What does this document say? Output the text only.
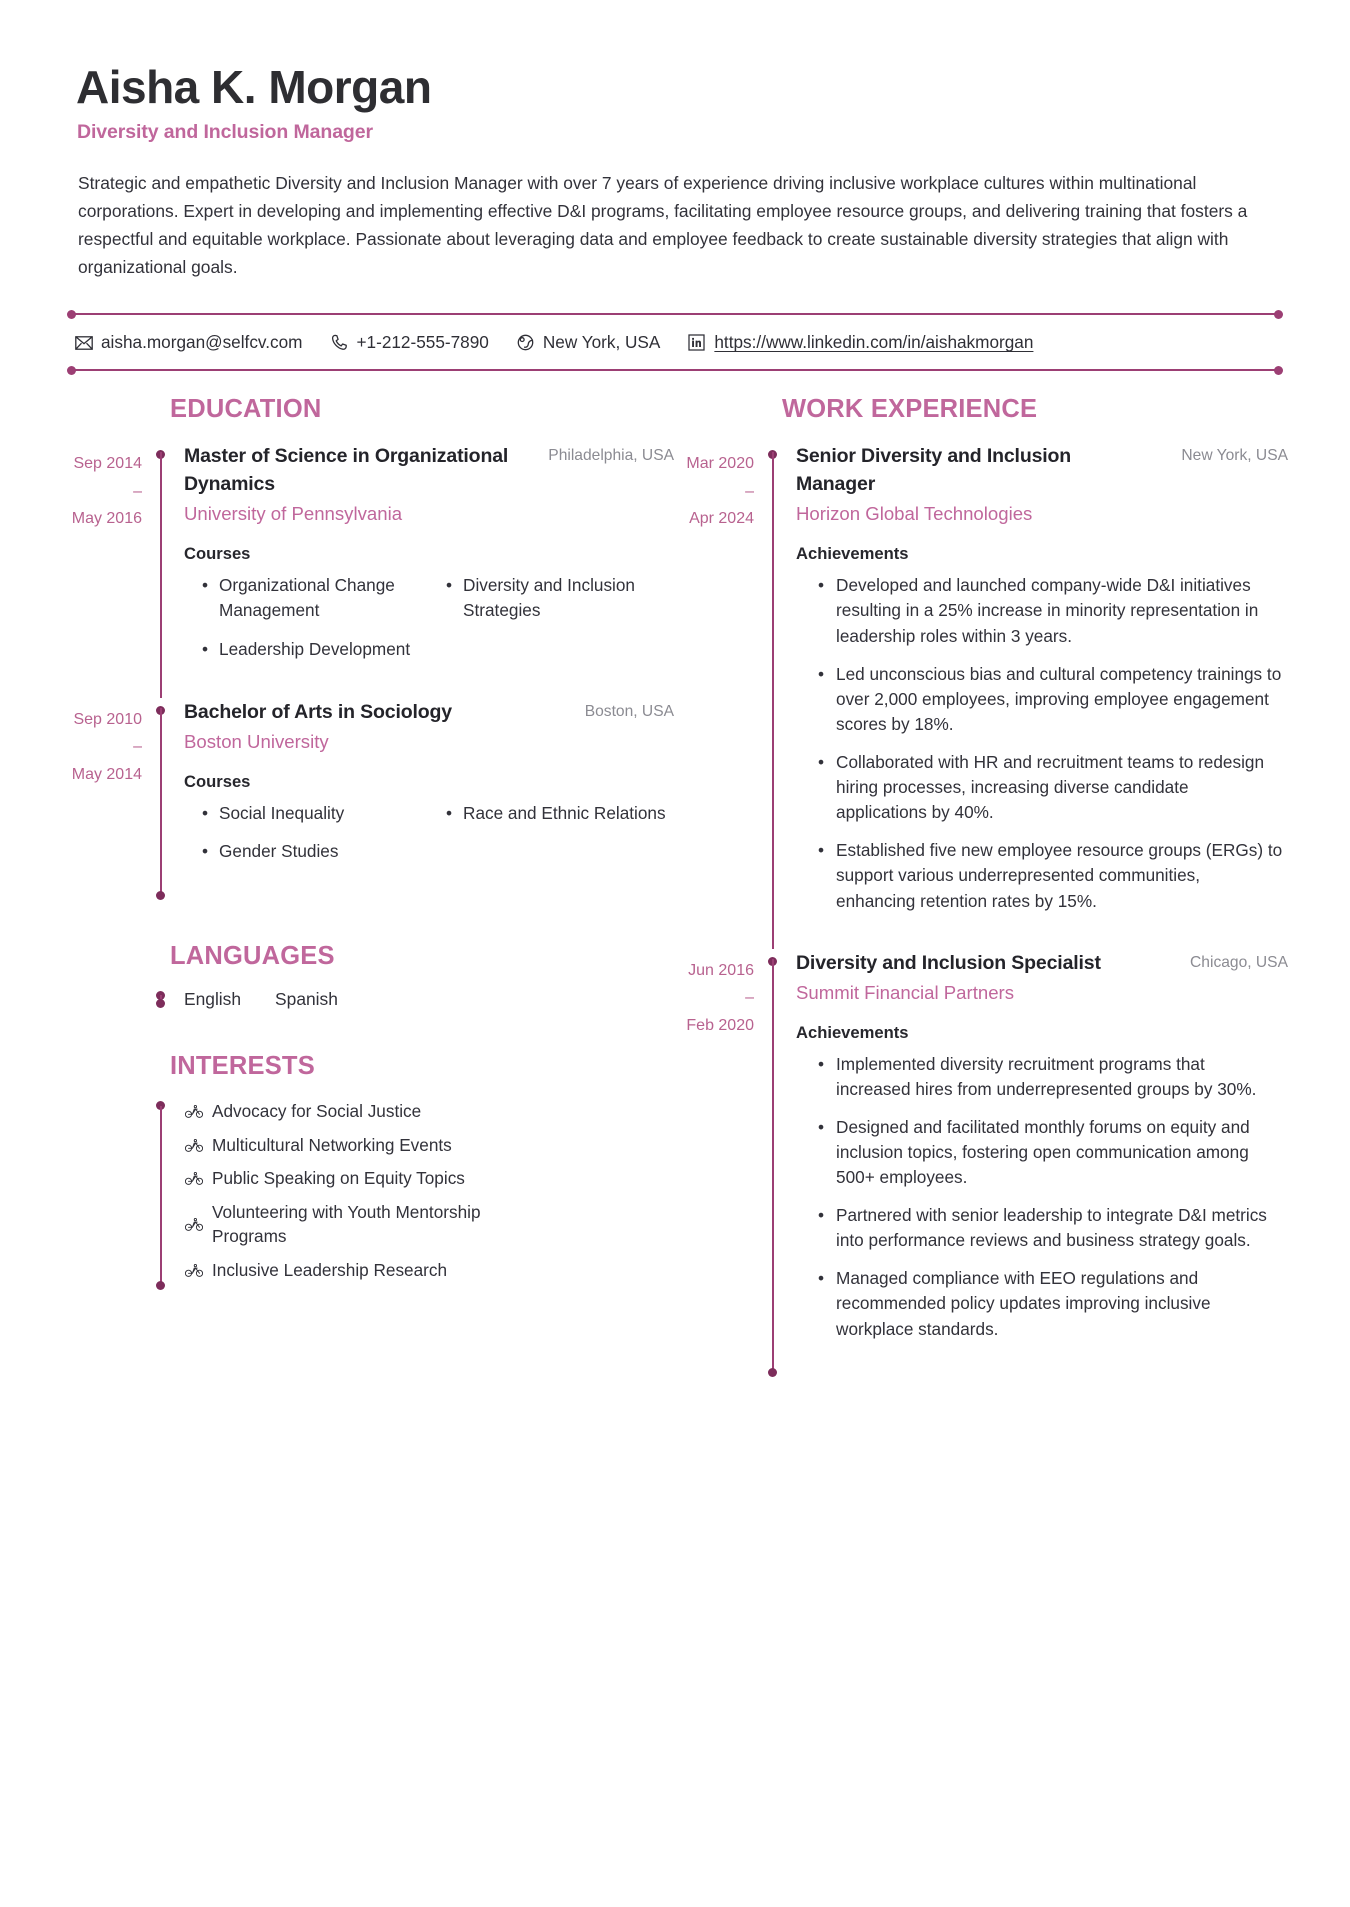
Aisha K. Morgan
Diversity and Inclusion Manager
Strategic and empathetic Diversity and Inclusion Manager with over 7 years of experience driving inclusive workplace cultures within multinational corporations. Expert in developing and implementing effective D&I programs, facilitating employee resource groups, and delivering training that fosters a respectful and equitable workplace. Passionate about leveraging data and employee feedback to create sustainable diversity strategies that align with organizational goals.
aisha.morgan@selfcv.com	+1-212-555-7890	New York, USA	https://www.linkedin.com/in/aishakmorgan
EDUCATION
Sep 2014
–
May 2016
Master of Science in Organizational Dynamics
Philadelphia, USA
University of Pennsylvania
Courses
• Organizational Change Management
• Diversity and Inclusion Strategies
• Leadership Development
Sep 2010
–
May 2014
Bachelor of Arts in Sociology	Boston, USA
Boston University
Courses
• Social Inequality	• Race and Ethnic Relations
• Gender Studies
LANGUAGES
English Spanish
INTERESTS
Advocacy for Social Justice
Multicultural Networking Events
Public Speaking on Equity Topics
Volunteering with Youth Mentorship Programs
Inclusive Leadership Research
WORK EXPERIENCE
Mar 2020
–
Apr 2024
Senior Diversity and Inclusion Manager
New York, USA
Horizon Global Technologies
Achievements
• Developed and launched company-wide D&I initiatives resulting in a 25% increase in minority representation in leadership roles within 3 years.
• Led unconscious bias and cultural competency trainings to over 2,000 employees, improving employee engagement scores by 18%.
• Collaborated with HR and recruitment teams to redesign hiring processes, increasing diverse candidate applications by 40%.
• Established five new employee resource groups (ERGs) to support various underrepresented communities, enhancing retention rates by 15%.
Jun 2016
–
Feb 2020
Diversity and Inclusion Specialist	Chicago, USA
Summit Financial Partners
Achievements
• Implemented diversity recruitment programs that increased hires from underrepresented groups by 30%.
• Designed and facilitated monthly forums on equity and inclusion topics, fostering open communication among 500+ employees.
• Partnered with senior leadership to integrate D&I metrics into performance reviews and business strategy goals.
• Managed compliance with EEO regulations and recommended policy updates improving inclusive workplace standards.
